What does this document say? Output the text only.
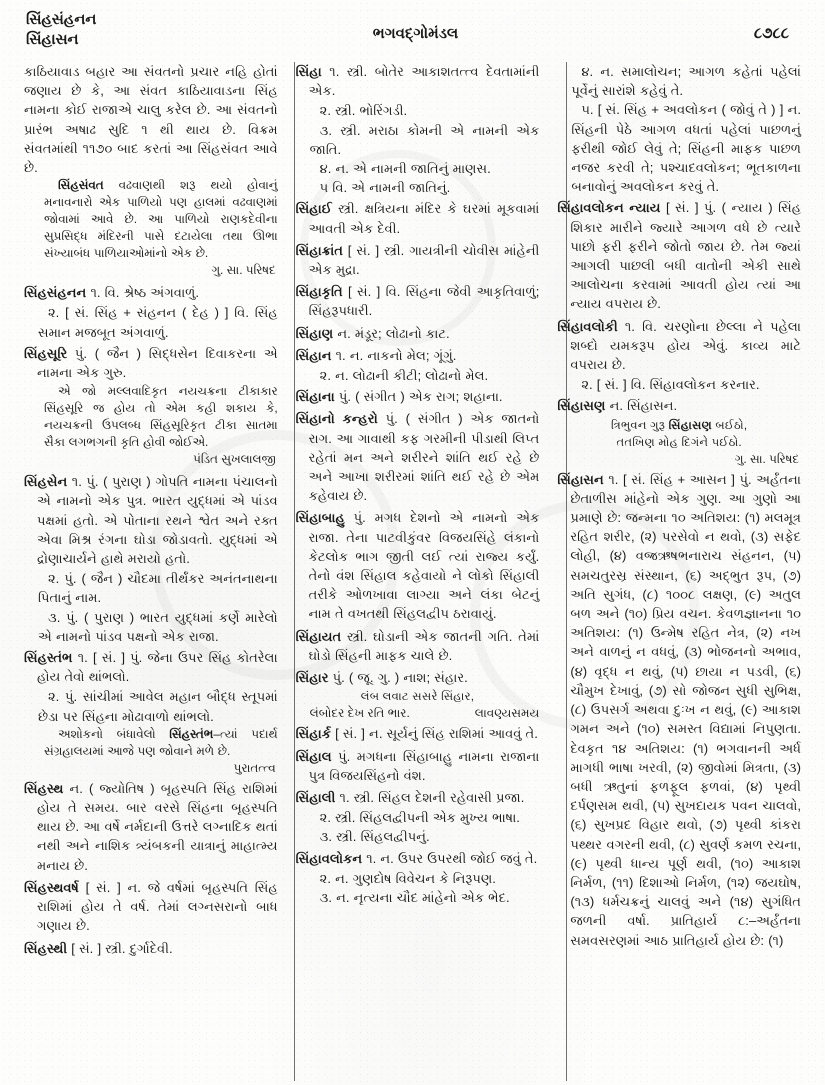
સિંહસંહનન
સિંહાસન	ભગવદ્ગોમંડલ	૮૭૮૮

કાઠિયાવાડ બહાર આ સંવતનો પ્રચાર નહિ હોતાં જણાય છે કે, આ સંવત કાઠિયાવાડના સિંહ નામના કોઈ રાજાએ ચાલુ કરેલ છે. આ સંવતનો પ્રારંભ અષાઢ સુદિ ૧ થી થાય છે. વિક્રમ સંવતમાંથી ૧૧૭૦ બાદ કરતાં આ સિંહસંવત આવે છે.

સિંહસંવત વઢવાણથી શરૂ થયો હોવાનું મનાવનારો એક પાળિયો પણ હાલમાં વઢવાણમાં જોવામાં આવે છે. આ પાળિયો રાણકદેવીના સુપ્રસિદ્ધ મંદિરની પાસે દટાયેલા તથા ઊભા સંખ્યાબંધ પાળિયાઓમાંનો એક છે.

ગુ. સા. પરિષદ

સિંહસંહનન ૧. વિ. શ્રેષ્ઠ અંગવાળું.

૨. [ સં. સિંહ + સંહનન ( દેહ ) ] વિ. સિંહ સમાન મજબૂત અંગવાળું.

સિંહસૂરિ પું. ( જૈન ) સિદ્ધસેન દિવાકરના એ નામના એક ગુરુ.

એ જો મલ્લવાદિકૃત નયચક્રના ટીકાકાર સિંહસૂરિ જ હોય તો એમ કહી શકાય કે, નયચક્રની ઉપલબ્ધ સિંહસૂરિકૃત ટીકા સાતમા સૈકા લગભગની કૃતિ હોવી જોઈએ.

પંડિત સુખલાલજી

સિંહસેન ૧. પું. ( પુરાણ ) ગોપતિ નામના પંચાલનો એ નામનો એક પુત્ર. ભારત યુદ્ધમાં એ પાંડવ પક્ષમાં હતો. એ પોતાના રથને શ્વેત અને રક્ત એવા મિશ્ર રંગના ઘોડા જોડાવતો. યુદ્ધમાં એ દ્રોણાચાર્યને હાથે મરાયો હતો.

૨. પું. ( જૈન ) ચૌદમા તીર્થંકર અનંતનાથના પિતાનું નામ.

૩. પું. ( પુરાણ ) ભારત યુદ્ધમાં કર્ણે મારેલો એ નામનો પાંડવ પક્ષનો એક રાજા.

સિંહસ્તંભ ૧. [ સં. ] પું. જેના ઉપર સિંહ કોતરેલા હોય તેવો થાંભલો.

૨. પું. સાંચીમાં આવેલ મહાન બૌદ્ધ સ્તૂપમાં છેડા પર સિંહના મોઢાવાળો થાંભલો.

અશોકનો બંધાવેલો સિંહસ્તંભ–ત્યાં પદાર્થ સંગ્રહાલયમાં આજે પણ જોવાને મળે છે.

પુરાતત્ત્વ

સિંહસ્થ ન. ( જ્યોતિષ ) બૃહસ્પતિ સિંહ રાશિમાં હોય તે સમય. બાર વરસે સિંહના બૃહસ્પતિ થાય છે. આ વર્ષે નર્મદાની ઉત્તરે લગ્નાદિક થતાં નથી અને નાશિક ત્ર્યંબકની યાત્રાનું માહાત્મ્ય મનાય છે.

સિંહસ્થવર્ષ [ સં. ] ન. જે વર્ષમાં બૃહસ્પતિ સિંહ રાશિમાં હોય તે વર્ષ. તેમાં લગ્નસરાનો બાધ ગણાય છે.

સિંહસ્થી [ સં. ] સ્ત્રી. દુર્ગાદેવી.

સિંહા ૧. સ્ત્રી. બોતેર આકાશતત્ત્વ દેવતામાંની એક.

૨. સ્ત્રી. ભોરિંગડી.

૩. સ્ત્રી. મરાઠા કોમની એ નામની એક જાતિ.

૪. ન. એ નામની જાતિનું માણસ.

૫ વિ. એ નામની જાતિનું.

સિંહાઈ સ્ત્રી. ક્ષત્રિયના મંદિર કે ઘરમાં મૂકવામાં આવતી એક દેવી.

સિંહાક્રાંત [ સં. ] સ્ત્રી. ગાયત્રીની ચોવીસ માંહેની એક મુદ્રા.

સિંહાકૃતિ [ સં. ] વિ. સિંહના જેવી આકૃતિવાળું; સિંહરૂપધારી.

સિંહાણ ન. મંડૂર; લોઢાનો કાટ.

સિંહાન ૧. ન. નાકનો મેલ; ગૂંગું.

૨. ન. લોઢાની કીટી; લોઢાનો મેલ.

સિંહાના પું. ( સંગીત ) એક રાગ; શહાના.

સિંહાનો કન્હરો પું. ( સંગીત ) એક જાતનો રાગ. આ ગાવાથી કફ ગરમીની પીડાથી લિપ્ત રહેતાં મન અને શરીરને શાંતિ થઈ રહે છે અને આખા શરીરમાં શાંતિ થઈ રહે છે એમ કહેવાય છે.

સિંહાબાહુ પું. મગધ દેશનો એ નામનો એક રાજા. તેના પાટવીકુંવર વિજયસિંહે લંકાનો કેટલોક ભાગ જીતી લઈ ત્યાં રાજ્ય કર્યું. તેનો વંશ સિંહાલ કહેવાયો ને લોકો સિંહાલી તરીકે ઓળખાવા લાગ્યા અને લંકા બેટનું નામ તે વખતથી સિંહલદ્વીપ ઠરાવાયું.

સિંહાયત સ્ત્રી. ઘોડાની એક જાતની ગતિ. તેમાં ઘોડો સિંહની માફક ચાલે છે.

સિંહાર પું. ( જૂ. ગુ. ) નાશ; સંહાર.

લંબ લવાટ સસરે સિંહાર,

લંબોદર દેખ રતિ ભાર.	લાવણ્યસમય

સિંહાર્ક [ સં. ] ન. સૂર્યનું સિંહ રાશિમાં આવવું તે.

સિંહાલ પું. મગધના સિંહાબાહુ નામના રાજાના પુત્ર વિજયસિંહનો વંશ.

સિંહાલી ૧. સ્ત્રી. સિંહલ દેશની રહેવાસી પ્રજા.

૨. સ્ત્રી. સિંહલદ્વીપની એક મુખ્ય ભાષા.

૩. સ્ત્રી. સિંહલદ્વીપનું.

સિંહાવલોકન ૧. ન. ઉપર ઉપરથી જોઈ જવું તે.

૨. ન. ગુણદોષ વિવેચન કે નિરૂપણ.

૩. ન. નૃત્યના ચૌદ માંહેનો એક ભેદ.

૪. ન. સમાલોચન; આગળ કહેતાં પહેલાં પૂર્વેનું સારાંશે કહેવું તે.

૫. [ સં. સિંહ + અવલોકન ( જોવું તે ) ] ન. સિંહની પેઠે આગળ વધતાં પહેલાં પાછળનું ફરીથી જોઈ લેવું તે; સિંહની માફક પાછળ નજર કરવી તે; પશ્ચાદવલોકન; ભૂતકાળના બનાવોનું અવલોકન કરવું તે.

સિંહાવલોકન ન્યાય [ સં. ] પું. ( ન્યાય ) સિંહ શિકાર મારીને જ્યારે આગળ વધે છે ત્યારે પાછો ફરી ફરીને જોતો જાય છે. તેમ જ્યાં આગલી પાછલી બધી વાતોની એકી સાથે આલોચના કરવામાં આવતી હોય ત્યાં આ ન્યાય વપરાય છે.

સિંહાવલોકી ૧. વિ. ચરણોના છેલ્લા ને પહેલા શબ્દો યમકરૂપ હોય એવું. કાવ્ય માટે વપરાય છે.

૨. [ સં. ] વિ. સિંહાવલોકન કરનાર.

સિંહાસણ ન. સિંહાસન.

ત્રિભુવન ગુરૂ સિંહાસણ બઈઠો,

તતખિણ મોહ દિગંને પઈઠો.

ગુ. સા. પરિષદ

સિંહાસન ૧. [ સં. સિંહ + આસન ] પું. અર્હંતના છેતાળીસ માંહેનો એક ગુણ. આ ગુણો આ પ્રમાણે છે: જન્મના ૧૦ અતિશય: (૧) મલમૂત્ર રહિત શરીર, (૨) પરસેવો ન થવો, (૩) સફેદ લોહી, (૪) વજ્રઋષભનારાચ સંહનન, (૫) સમચતુરસ્ર સંસ્થાન, (૬) અદ્ભુત રૂપ, (૭) અતિ સુગંધ, (૮) ૧૦૦૮ લક્ષણ, (૯) અતુલ બળ અને (૧૦) પ્રિય વચન. કેવળજ્ઞાનના ૧૦ અતિશય: (૧) ઉન્મેષ રહિત નેત્ર, (૨) નખ અને વાળનું ન વધવું, (૩) ભોજનનો અભાવ, (૪) વૃદ્ધ ન થવું, (૫) છાયા ન પડવી, (૬) ચૌમુખ દેખાવું, (૭) સો જોજન સુધી સુભિક્ષ, (૮) ઉપસર્ગ અથવા દુઃખ ન થવું, (૯) આકાશ ગમન અને (૧૦) સમસ્ત વિદ્યામાં નિપુણતા. દેવકૃત ૧૪ અતિશય: (૧) ભગવાનની અર્ધ માગધી ભાષા ખરવી, (૨) જીવોમાં મિત્રતા, (૩) બધી ઋતુનાં ફળફૂલ ફળવાં, (૪) પૃથ્વી દર્પણસમ થવી, (૫) સુખદાયક પવન ચાલવો, (૬) સુખપ્રદ વિહાર થવો, (૭) પૃથ્વી કાંકરા પથ્થર વગરની થવી, (૮) સુવર્ણ કમળ રચના, (૯) પૃથ્વી ધાન્ય પૂર્ણ થવી, (૧૦) આકાશ નિર્મળ, (૧૧) દિશાઓ નિર્મળ, (૧૨) જયઘોષ, (૧૩) ધર્મચક્રનું ચાલવું અને (૧૪) સુગંધિત જળની વર્ષા. પ્રાતિહાર્ય ૮:–અર્હંતના સમવસરણમાં આઠ પ્રાતિહાર્ય હોય છે: (૧)
